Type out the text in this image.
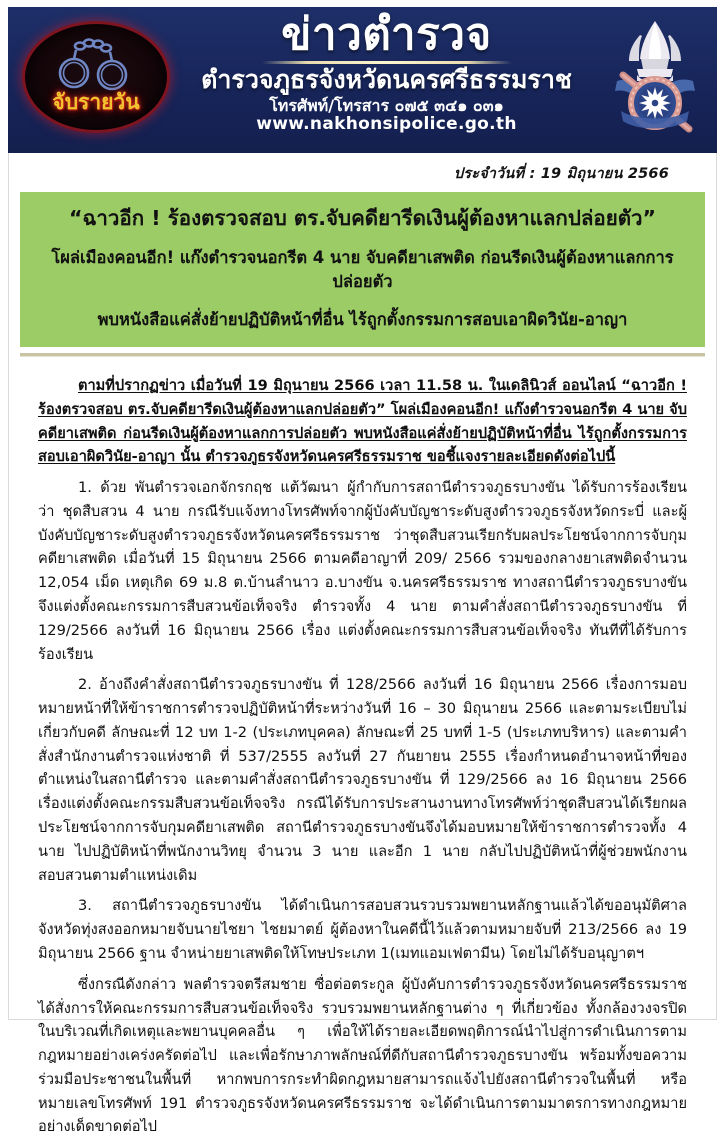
จับรายวัน
ข่าวตำรวจ
ตำรวจภูธรจังหวัดนครศรีธรรมราช
โทรศัพท์/โทรสาร ๐๗๕ ๓๔๑ ๐๓๑
www.nakhonsipolice.go.th
ประจำวันที่ : 19 มิถุนายน 2566
“ฉาวอีก ! ร้องตรวจสอบ ตร.จับคดียารีดเงินผู้ต้องหาแลกปล่อยตัว”
โผล่เมืองคอนอีก! แก๊งตำรวจนอกรีต 4 นาย จับคดียาเสพติด ก่อนรีดเงินผู้ต้องหาแลกการปล่อยตัว
พบหนังสือแค่สั่งย้ายปฏิบัติหน้าที่อื่น ไร้ถูกตั้งกรรมการสอบเอาผิดวินัย-อาญา

ตามที่ปรากฏข่าว เมื่อวันที่ 19 มิถุนายน 2566 เวลา 11.58 น. ในเดลินิวส์ ออนไลน์ “ฉาวอีก ! ร้องตรวจสอบ ตร.จับคดียารีดเงินผู้ต้องหาแลกปล่อยตัว” โผล่เมืองคอนอีก! แก๊งตำรวจนอกรีต 4 นาย จับคดียาเสพติด ก่อนรีดเงินผู้ต้องหาแลกการปล่อยตัว พบหนังสือแค่สั่งย้ายปฏิบัติหน้าที่อื่น ไร้ถูกตั้งกรรมการสอบเอาผิดวินัย-อาญา นั้น ตำรวจภูธรจังหวัดนครศรีธรรมราช ขอชี้แจงรายละเอียดดังต่อไปนี้

1. ด้วย พันตำรวจเอกจักรกฤช แต้วัฒนา ผู้กำกับการสถานีตำรวจภูธรบางขัน ได้รับการร้องเรียน ว่า ชุดสืบสวน 4 นาย กรณีรับแจ้งทางโทรศัพท์จากผู้บังคับบัญชาระดับสูงตำรวจภูธรจังหวัดกระบี่ และผู้บังคับบัญชาระดับสูงตำรวจภูธรจังหวัดนครศรีธรรมราช ว่าชุดสืบสวนเรียกรับผลประโยชน์จากการจับกุมคดียาเสพติด เมื่อวันที่ 15 มิถุนายน 2566 ตามคดีอาญาที่ 209/ 2566 รวมของกลางยาเสพติดจำนวน 12,054 เม็ด เหตุเกิด 69 ม.8 ต.บ้านลำนาว อ.บางขัน จ.นครศรีธรรมราช ทางสถานีตำรวจภูธรบางขัน จึงแต่งตั้งคณะกรรมการสืบสวนข้อเท็จจริง ตำรวจทั้ง 4 นาย ตามคำสั่งสถานีตำรวจภูธรบางขัน ที่ 129/2566 ลงวันที่ 16 มิถุนายน 2566 เรื่อง แต่งตั้งคณะกรรมการสืบสวนข้อเท็จจริง ทันทีที่ได้รับการร้องเรียน

2. อ้างถึงคำสั่งสถานีตำรวจภูธรบางขัน ที่ 128/2566 ลงวันที่ 16 มิถุนายน 2566 เรื่องการมอบหมายหน้าที่ให้ข้าราชการตำรวจปฏิบัติหน้าที่ระหว่างวันที่ 16 – 30 มิถุนายน 2566 และตามระเบียบไม่เกี่ยวกับคดี ลักษณะที่ 12 บท 1-2 (ประเภทบุคคล) ลักษณะที่ 25 บทที่ 1-5 (ประเภทบริหาร) และตามคำสั่งสำนักงานตำรวจแห่งชาติ ที่ 537/2555 ลงวันที่ 27 กันยายน 2555 เรื่องกำหนดอำนาจหน้าที่ของตำแหน่งในสถานีตำรวจ และตามคำสั่งสถานีตำรวจภูธรบางขัน ที่ 129/2566 ลง 16 มิถุนายน 2566 เรื่องแต่งตั้งคณะกรรมสืบสวนข้อเท็จจริง กรณีได้รับการประสานงานทางโทรศัพท์ว่าชุดสืบสวนได้เรียกผลประโยชน์จากการจับกุมคดียาเสพติด สถานีตำรวจภูธรบางขันจึงได้มอบหมายให้ข้าราชการตำรวจทั้ง 4 นาย ไปปฏิบัติหน้าที่พนักงานวิทยุ จำนวน 3 นาย และอีก 1 นาย กลับไปปฏิบัติหน้าที่ผู้ช่วยพนักงานสอบสวนตามตำแหน่งเดิม

3. สถานีตำรวจภูธรบางขัน ได้ดำเนินการสอบสวนรวบรวมพยานหลักฐานแล้วได้ขออนุมัติศาลจังหวัดทุ่งสงออกหมายจับนายไชยา ไชยมาตย์ ผู้ต้องหาในคดีนี้ไว้แล้วตามหมายจับที่ 213/2566 ลง 19 มิถุนายน 2566 ฐาน จำหน่ายยาเสพติดให้โทษประเภท 1(เมทแอมเฟตามีน) โดยไม่ได้รับอนุญาตฯ

ซึ่งกรณีดังกล่าว พลตำรวจตรีสมชาย ซื่อต่อตระกูล ผู้บังคับการตำรวจภูธรจังหวัดนครศรีธรรมราช ได้สั่งการให้คณะกรรมการสืบสวนข้อเท็จจริง รวบรวมพยานหลักฐานต่าง ๆ ที่เกี่ยวข้อง ทั้งกล้องวงจรปิดในบริเวณที่เกิดเหตุและพยานบุคคลอื่น ๆ เพื่อให้ได้รายละเอียดพฤติการณ์นำไปสู่การดำเนินการตามกฎหมายอย่างเคร่งครัดต่อไป และเพื่อรักษาภาพลักษณ์ที่ดีกับสถานีตำรวจภูธรบางขัน พร้อมทั้งขอความร่วมมือประชาชนในพื้นที่ หากพบการกระทำผิดกฎหมายสามารถแจ้งไปยังสถานีตำรวจในพื้นที่ หรือหมายเลขโทรศัพท์ 191 ตำรวจภูธรจังหวัดนครศรีธรรมราช จะได้ดำเนินการตามมาตรการทางกฎหมายอย่างเด็ดขาดต่อไป
